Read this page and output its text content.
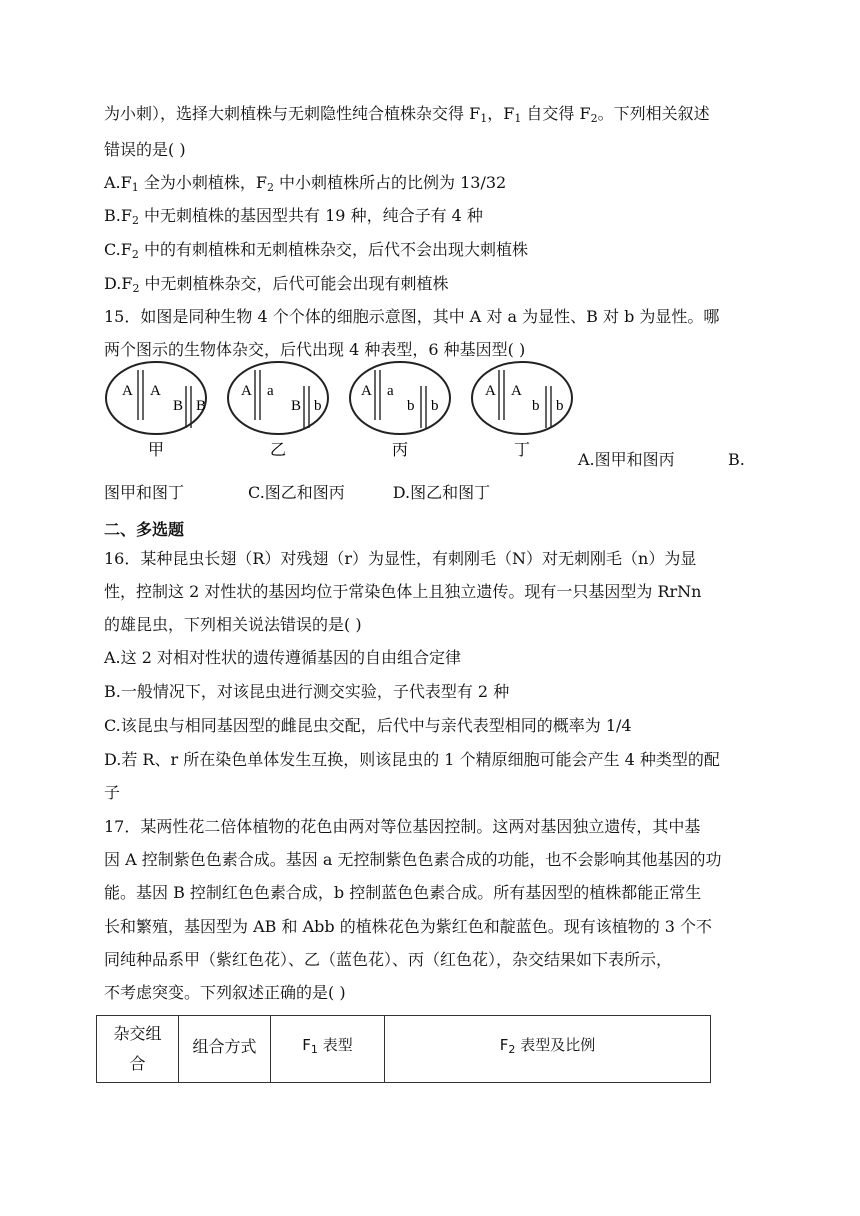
为小刺），选择大刺植株与无刺隐性纯合植株杂交得 $F_1$，$F_1$ 自交得 $F_2$。下列相关叙述
错误的是( )
$A.F_1$ 全为小刺植株，$F_2$ 中小刺植株所占的比例为 13/32
$B.F_2$ 中无刺植株的基因型共有 19 种，纯合子有 4 种
$C.F_2$ 中的有刺植株和无刺植株杂交，后代不会出现大刺植株
$D.F_2$ 中无刺植株杂交，后代可能会出现有刺植株
15．如图是同种生物 4 个个体的细胞示意图，其中 A 对 a 为显性、B 对 b 为显性。哪
两个图示的生物体杂交，后代出现 4 种表型，6 种基因型( )
A A
B B
甲
A a
B b
乙
A a
b b
丙
A A
b b
丁	A.图甲和图丙	B.
图甲和图丁	C.图乙和图丙	D.图乙和图丁
二、多选题
16．某种昆虫长翅（R）对残翅（r）为显性，有刺刚毛（N）对无刺刚毛（n）为显
性，控制这 2 对性状的基因均位于常染色体上且独立遗传。现有一只基因型为 RrNn
的雄昆虫，下列相关说法错误的是( )
A.这 2 对相对性状的遗传遵循基因的自由组合定律
B.一般情况下，对该昆虫进行测交实验，子代表型有 2 种
C.该昆虫与相同基因型的雌昆虫交配，后代中与亲代表型相同的概率为 1/4
D.若 R、r 所在染色单体发生互换，则该昆虫的 1 个精原细胞可能会产生 4 种类型的配
子
17．某两性花二倍体植物的花色由两对等位基因控制。这两对基因独立遗传，其中基
因 A 控制紫色色素合成。基因 a 无控制紫色色素合成的功能，也不会影响其他基因的功
能。基因 B 控制红色色素合成，b 控制蓝色色素合成。所有基因型的植株都能正常生
长和繁殖，基因型为 AB 和 Abb 的植株花色为紫红色和靛蓝色。现有该植物的 3 个不
同纯种品系甲（紫红色花）、乙（蓝色花）、丙（红色花），杂交结果如下表所示，
不考虑突变。下列叙述正确的是( )
杂交组
合
	组合方式	$F_1$ 表型	$F_2$ 表型及比例
